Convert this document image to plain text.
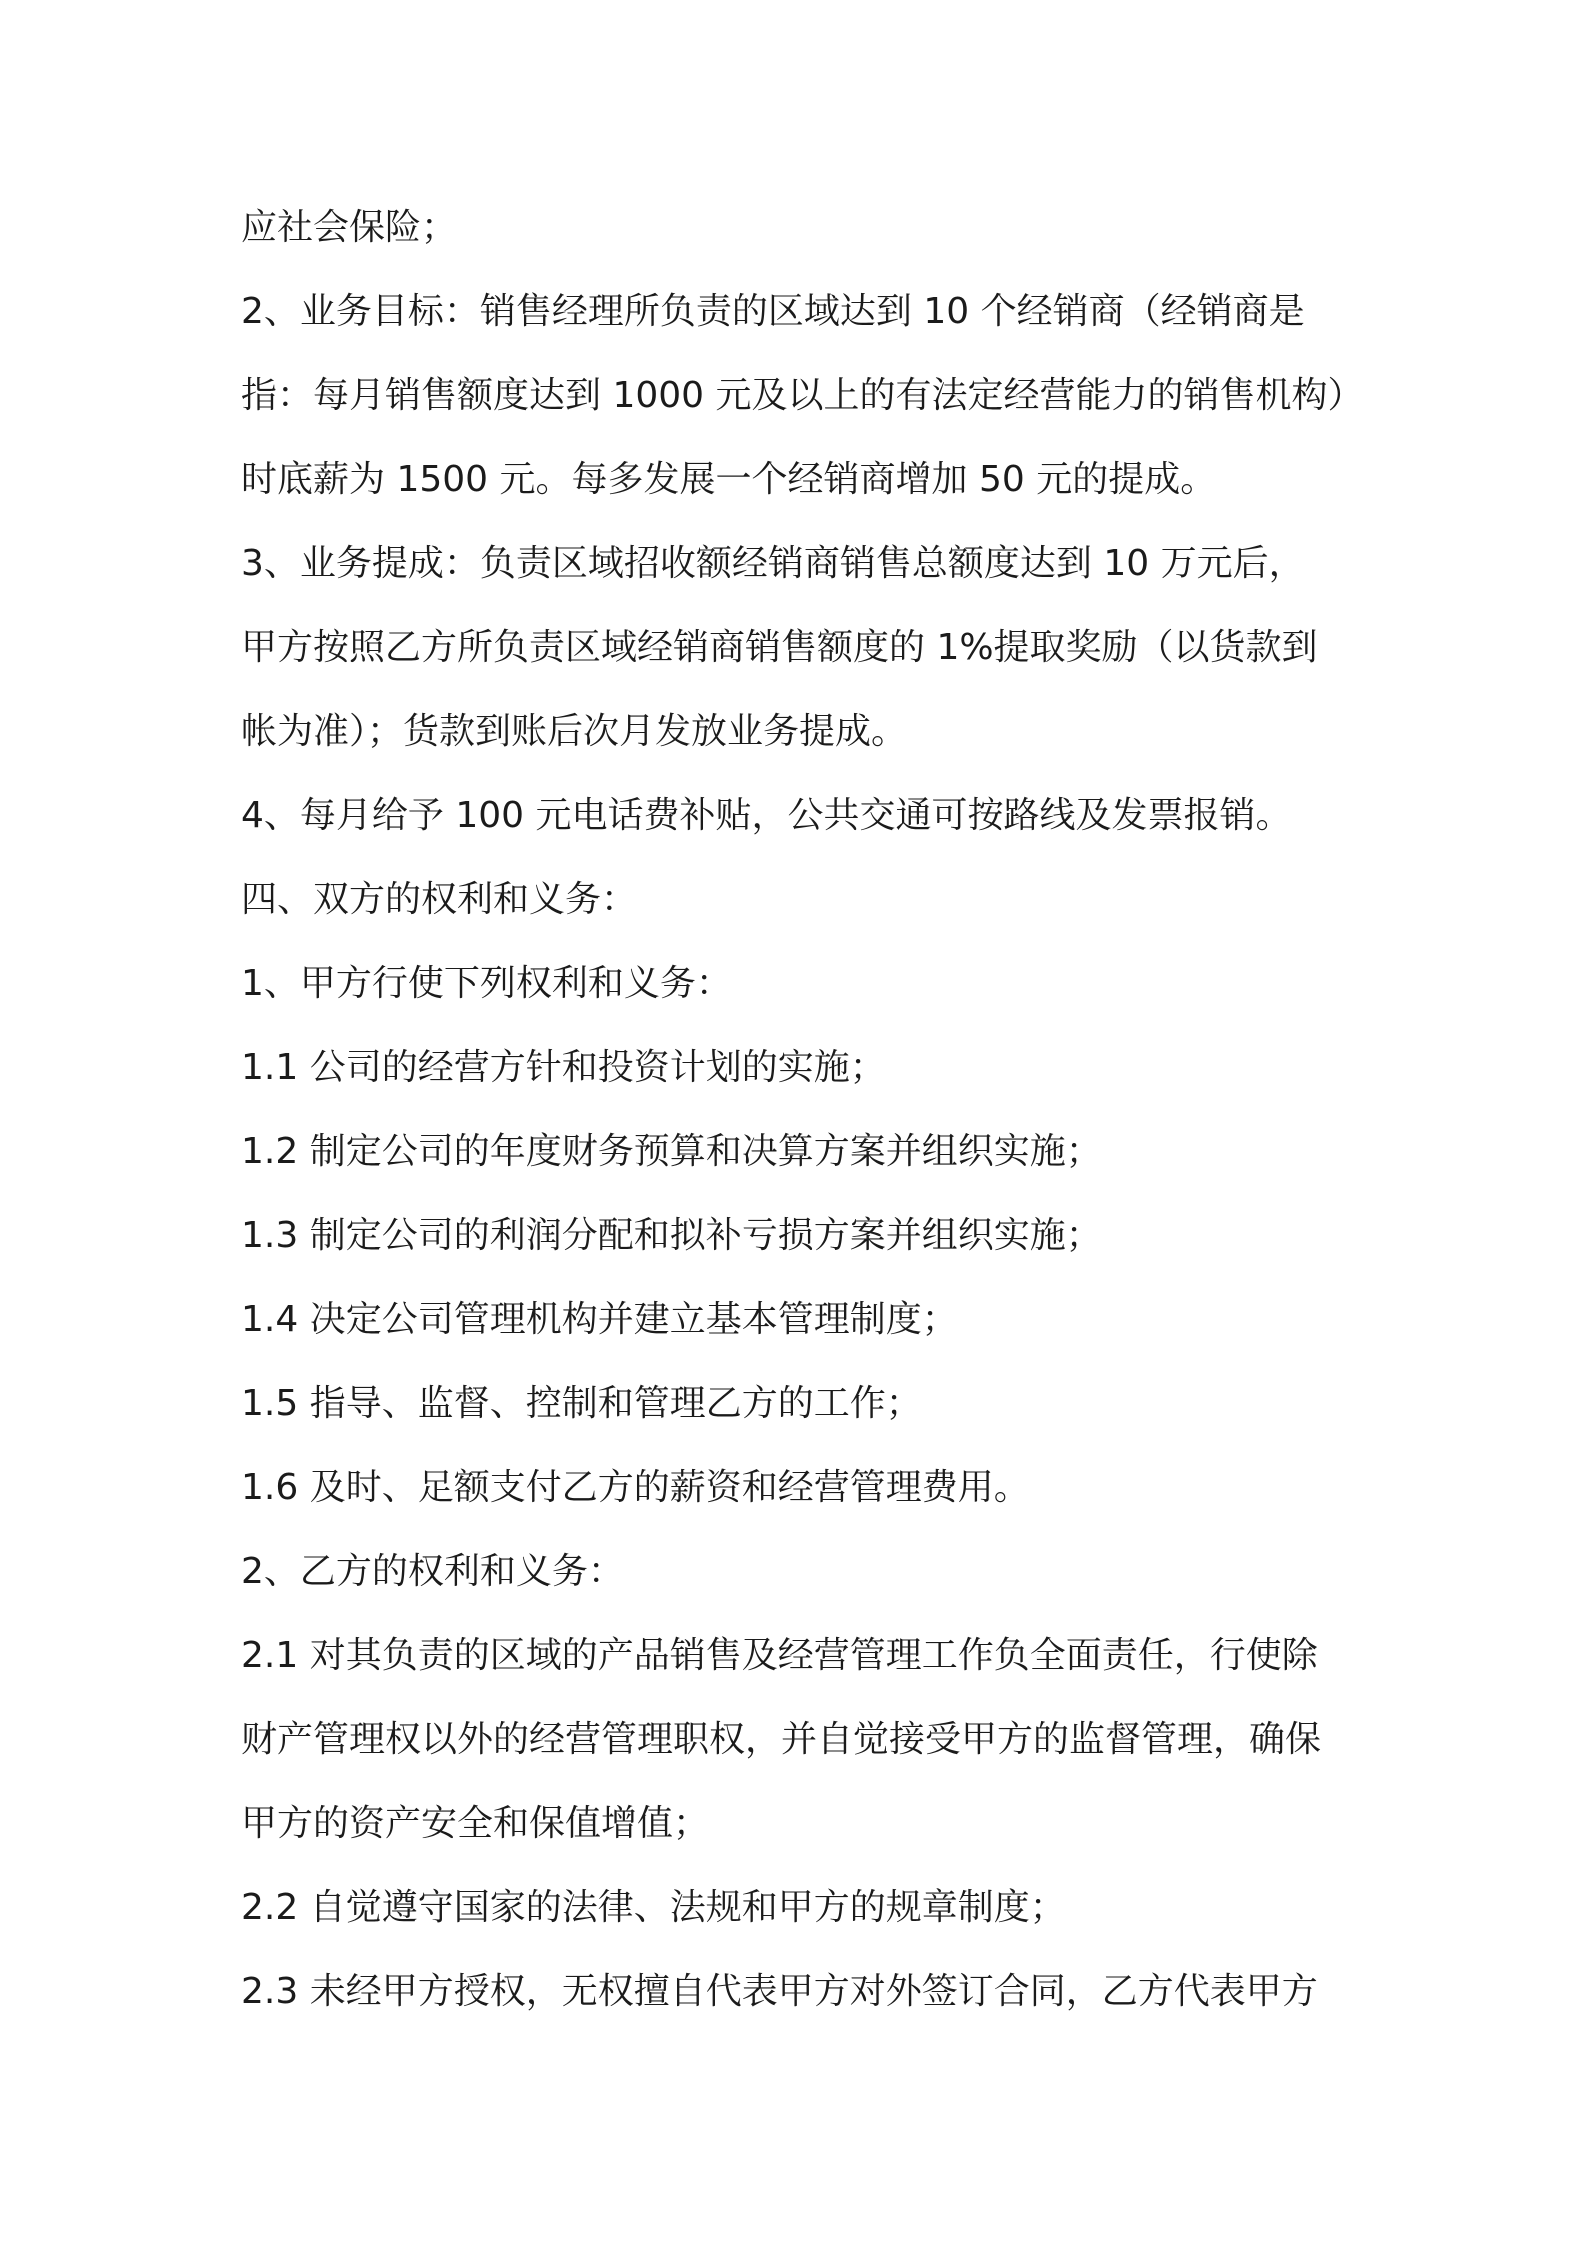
应社会保险；
2、业务目标：销售经理所负责的区域达到 10 个经销商（经销商是
指：每月销售额度达到 1000 元及以上的有法定经营能力的销售机构）
时底薪为 1500 元。每多发展一个经销商增加 50 元的提成。
3、业务提成：负责区域招收额经销商销售总额度达到 10 万元后，
甲方按照乙方所负责区域经销商销售额度的 1%提取奖励（以货款到
帐为准）；货款到账后次月发放业务提成。
4、每月给予 100 元电话费补贴，公共交通可按路线及发票报销。
四、双方的权利和义务：
1、甲方行使下列权利和义务：
1.1 公司的经营方针和投资计划的实施；
1.2 制定公司的年度财务预算和决算方案并组织实施；
1.3 制定公司的利润分配和拟补亏损方案并组织实施；
1.4 决定公司管理机构并建立基本管理制度；
1.5 指导、监督、控制和管理乙方的工作；
1.6 及时、足额支付乙方的薪资和经营管理费用。
2、乙方的权利和义务：
2.1 对其负责的区域的产品销售及经营管理工作负全面责任，行使除
财产管理权以外的经营管理职权，并自觉接受甲方的监督管理，确保
甲方的资产安全和保值增值；
2.2 自觉遵守国家的法律、法规和甲方的规章制度；
2.3 未经甲方授权，无权擅自代表甲方对外签订合同，乙方代表甲方
